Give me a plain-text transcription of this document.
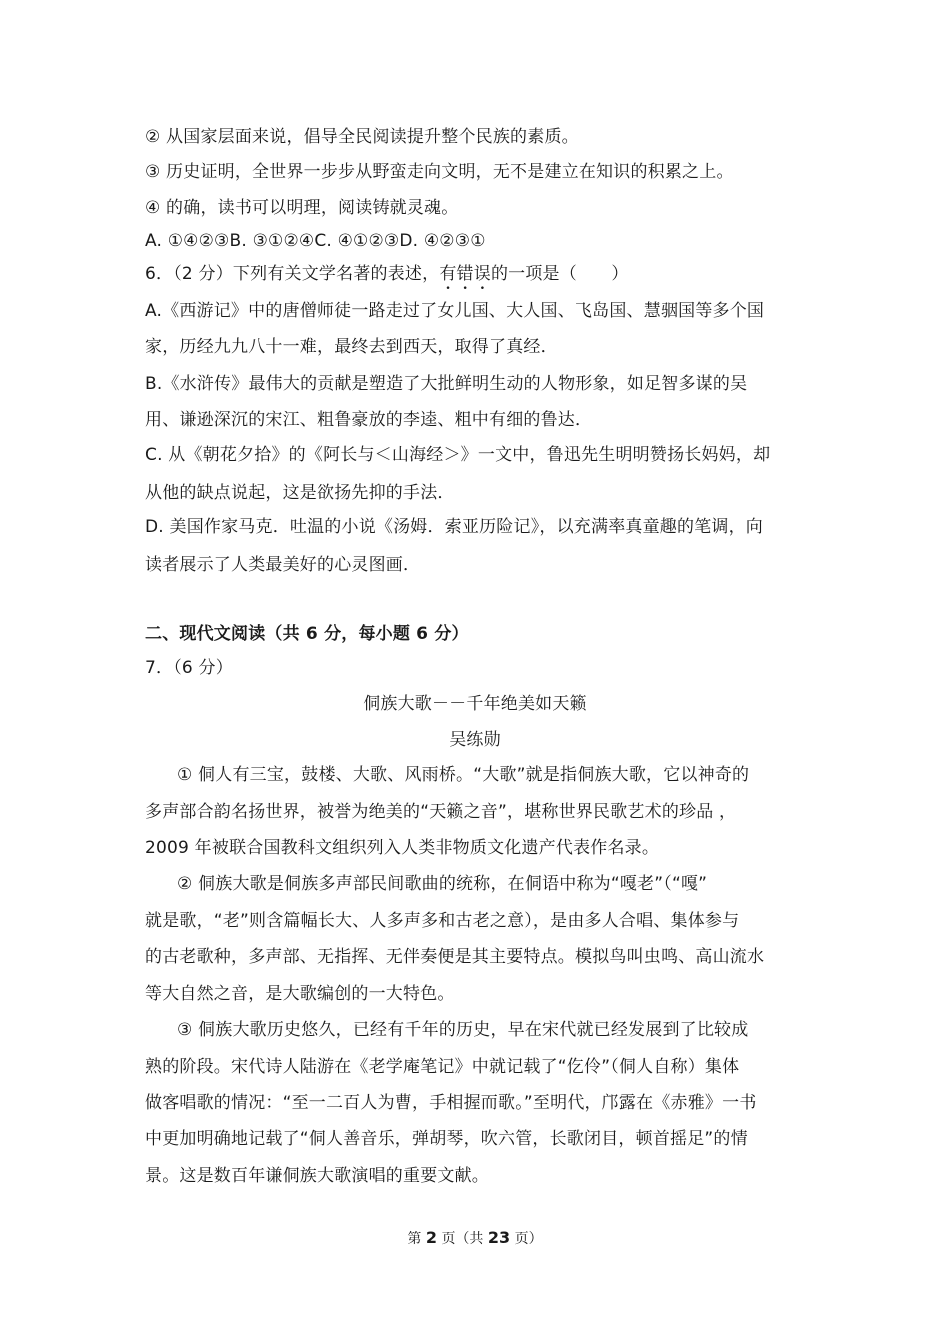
② 从国家层面来说，倡导全民阅读提升整个民族的素质。
③ 历史证明，全世界一步步从野蛮走向文明，无不是建立在知识的积累之上。
④ 的确，读书可以明理，阅读铸就灵魂。
A. ①④②③B. ③①②④C. ④①②③D. ④②③①
6．（2 分）下列有关文学名著的表述，有错误的一项是（　　）
A.《西游记》中的唐僧师徒一路走过了女儿国、大人国、飞岛国、慧骃国等多个国
家，历经九九八十一难，最终去到西天，取得了真经．
B.《水浒传》最伟大的贡献是塑造了大批鲜明生动的人物形象，如足智多谋的吴
用、谦逊深沉的宋江、粗鲁豪放的李逵、粗中有细的鲁达．
C. 从《朝花夕拾》的《阿长与＜山海经＞》一文中，鲁迅先生明明赞扬长妈妈，却
从他的缺点说起，这是欲扬先抑的手法．
D. 美国作家马克．吐温的小说《汤姆．索亚历险记》，以充满率真童趣的笔调，向
读者展示了人类最美好的心灵图画．
二、现代文阅读（共 6 分，每小题 6 分）
7．（6 分）
侗族大歌－－千年绝美如天籁
吴练勋
① 侗人有三宝，鼓楼、大歌、风雨桥。“大歌”就是指侗族大歌，它以神奇的
多声部合韵名扬世界，被誉为绝美的“天籁之音”，堪称世界民歌艺术的珍品 ，
2009 年被联合国教科文组织列入人类非物质文化遗产代表作名录。
② 侗族大歌是侗族多声部民间歌曲的统称，在侗语中称为“嘎老”（“嘎”
就是歌，“老”则含篇幅长大、人多声多和古老之意），是由多人合唱、集体参与
的古老歌种，多声部、无指挥、无伴奏便是其主要特点。模拟鸟叫虫鸣、高山流水
等大自然之音，是大歌编创的一大特色。
③ 侗族大歌历史悠久，已经有千年的历史，早在宋代就已经发展到了比较成
熟的阶段。宋代诗人陆游在《老学庵笔记》中就记载了“仡伶”（侗人自称）集体
做客唱歌的情况：“至一二百人为曹，手相握而歌。”至明代，邝露在《赤雅》一书
中更加明确地记载了“侗人善音乐，弹胡琴，吹六管，长歌闭目，顿首摇足”的情
景。这是数百年谦侗族大歌演唱的重要文献。
第 2 页（共 23 页）
